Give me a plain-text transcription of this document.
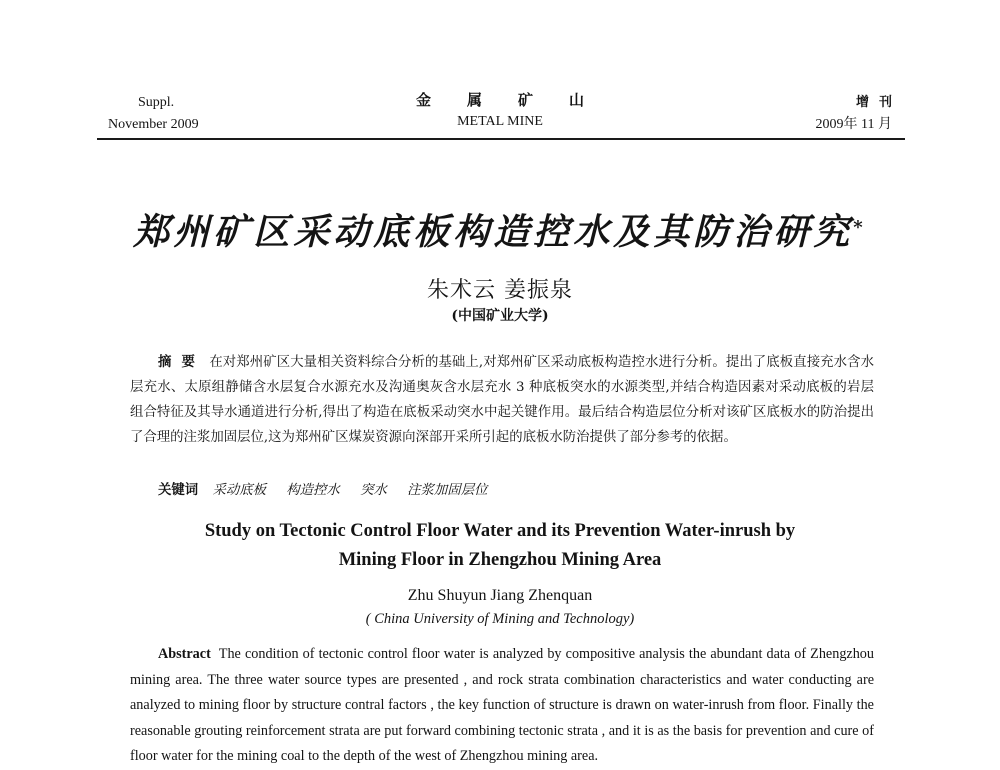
Suppl.
November 2009
金属矿山
METAL MINE
增刊
2009年 11 月
郑州矿区采动底板构造控水及其防治研究*
朱术云 姜振泉
(中国矿业大学)
摘要 在对郑州矿区大量相关资料综合分析的基础上,对郑州矿区采动底板构造控水进行分析。提出了底板直接充水含水层充水、太原组静储含水层复合水源充水及沟通奥灰含水层充水 3 种底板突水的水源类型,并结合构造因素对采动底板的岩层组合特征及其导水通道进行分析,得出了构造在底板采动突水中起关键作用。最后结合构造层位分析对该矿区底板水的防治提出了合理的注浆加固层位,这为郑州矿区煤炭资源向深部开采所引起的底板水防治提供了部分参考的依据。
关键词 采动底板 构造控水 突水 注浆加固层位
Study on Tectonic Control Floor Water and its Prevention Water-inrush by
Mining Floor in Zhengzhou Mining Area
Zhu Shuyun Jiang Zhenquan
( China University of Mining and Technology)
Abstract The condition of tectonic control floor water is analyzed by compositive analysis the abundant data of Zhengzhou mining area. The three water source types are presented , and rock strata combination characteristics and water conducting are analyzed to mining floor by structure contral factors , the key function of structure is drawn on water-inrush from floor. Finally the reasonable grouting reinforcement strata are put forward combining tectonic strata , and it is as the basis for prevention and cure of floor water for the mining coal to the depth of the west of Zhengzhou mining area.
